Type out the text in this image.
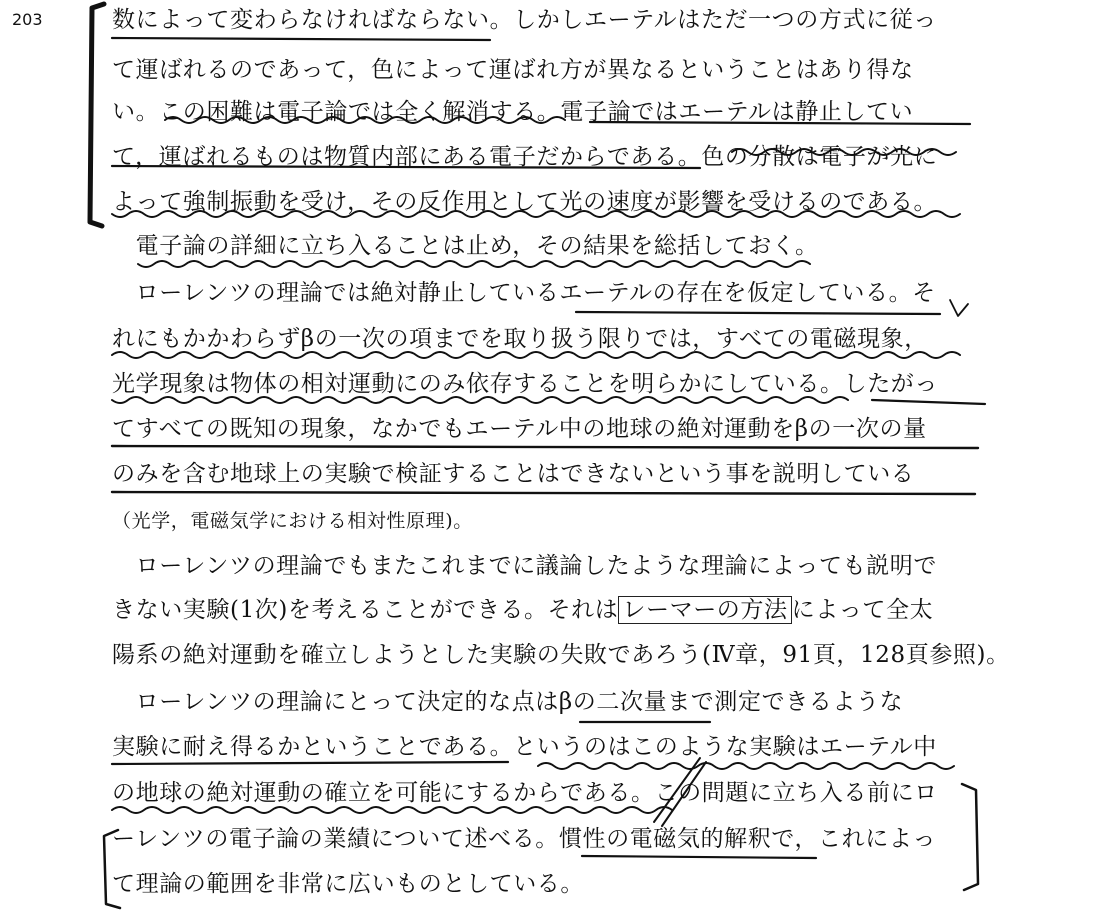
203	数によって変わらなければならない。しかしエーテルはただ一つの方式に従っ
て運ばれるのであって，色によって運ばれ方が異なるということはあり得な
い。この困難は電子論では全く解消する。電子論ではエーテルは静止してい
て，運ばれるものは物質内部にある電子だからである。色の分散は電子が光に
よって強制振動を受け，その反作用として光の速度が影響を受けるのである。
　電子論の詳細に立ち入ることは止め，その結果を総括しておく。
　ローレンツの理論では絶対静止しているエーテルの存在を仮定している。そ
れにもかかわらずβの一次の項までを取り扱う限りでは，すべての電磁現象，
光学現象は物体の相対運動にのみ依存することを明らかにしている。したがっ
てすべての既知の現象，なかでもエーテル中の地球の絶対運動をβの一次の量
のみを含む地球上の実験で検証することはできないという事を説明している
（光学，電磁気学における相対性原理)。
　ローレンツの理論でもまたこれまでに議論したような理論によっても説明で
きない実験(1次)を考えることができる。それは レーマーの方法 によって全太
陽系の絶対運動を確立しようとした実験の失敗であろう(Ⅳ章，91頁，128頁参照)。
　ローレンツの理論にとって決定的な点はβの二次量まで測定できるような
実験に耐え得るかということである。というのはこのような実験はエーテル中
の地球の絶対運動の確立を可能にするからである。この問題に立ち入る前にロ
ーレンツの電子論の業績について述べる。慣性の電磁気的解釈で，これによっ
て理論の範囲を非常に広いものとしている。
